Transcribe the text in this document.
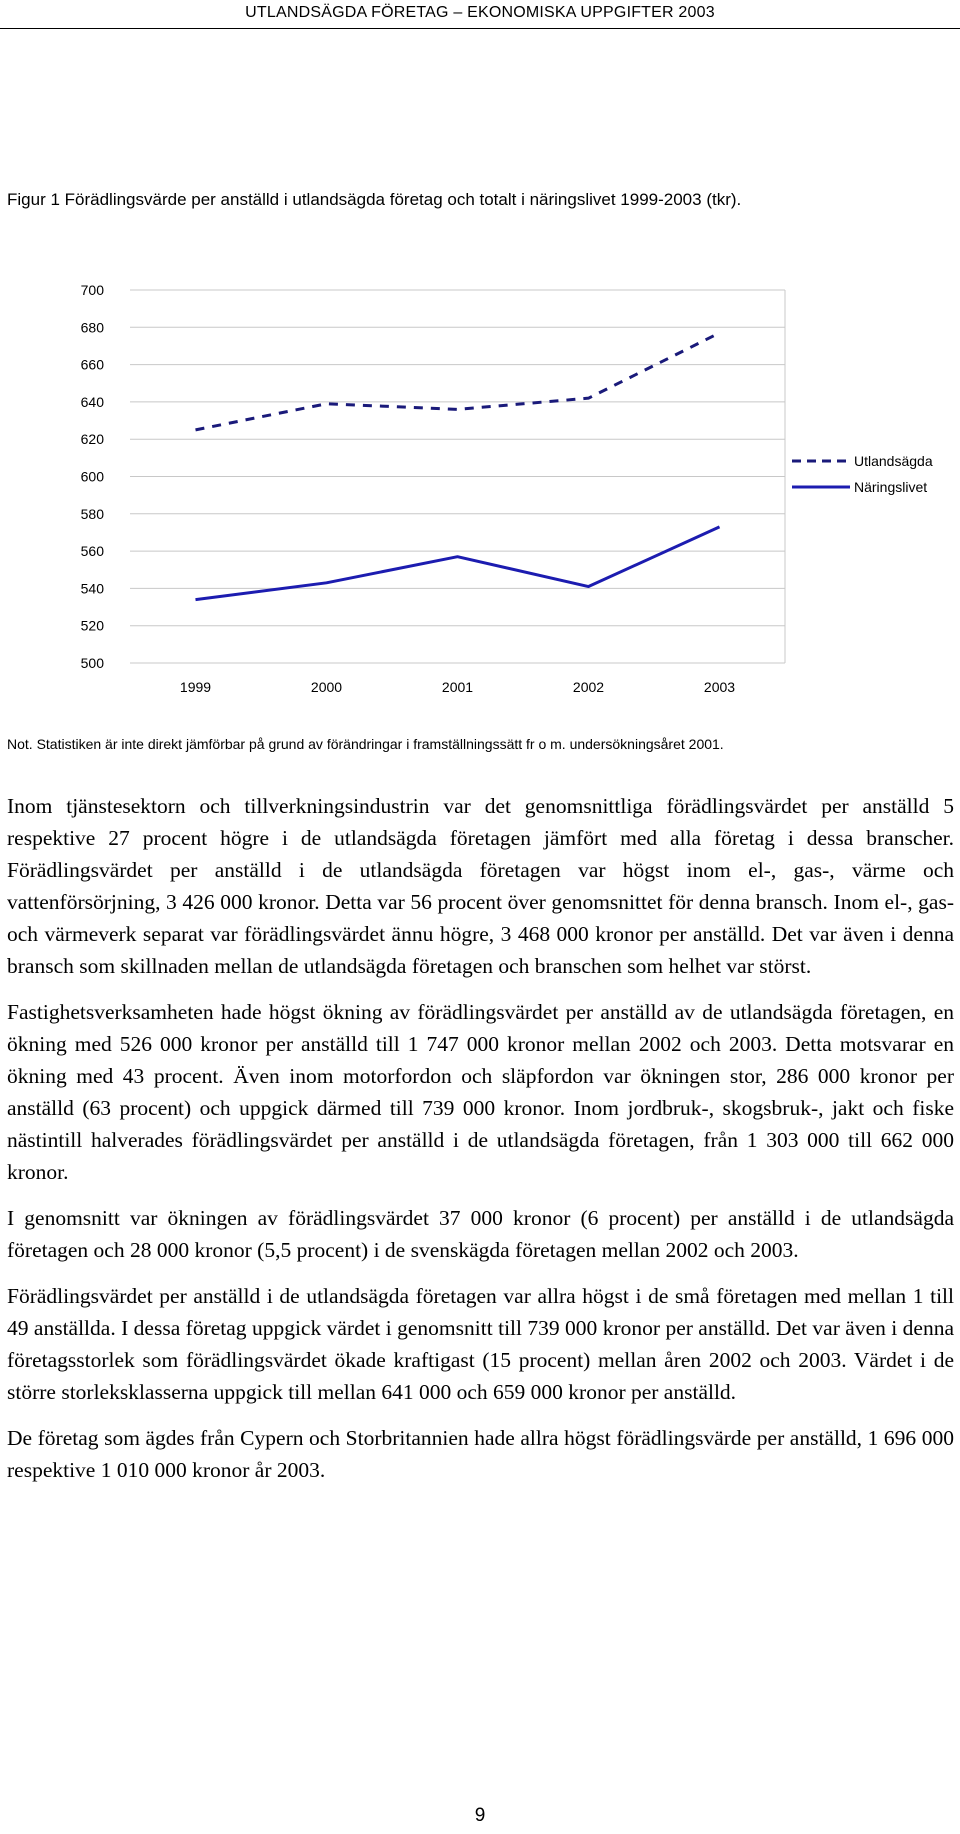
UTLANDSÄGDA FÖRETAG – EKONOMISKA UPPGIFTER 2003
Figur 1 Förädlingsvärde per anställd i utlandsägda företag och totalt i näringslivet 1999-2003 (tkr).
500
520
540
560
580
600
620
640
660
680
700
1999	2000	2001	2002	2003
Utlandsägda
Näringslivet
Not. Statistiken är inte direkt jämförbar på grund av förändringar i framställningssätt fr o m. undersökningsåret 2001.

Inom tjänstesektorn och tillverkningsindustrin var det genomsnittliga förädlingsvärdet per anställd 5 respektive 27 procent högre i de utlandsägda företagen jämfört med alla företag i dessa branscher. Förädlingsvärdet per anställd i de utlandsägda företagen var högst inom el-, gas-, värme och vattenförsörjning, 3 426 000 kronor. Detta var 56 procent över genomsnittet för denna bransch. Inom el-, gas- och värmeverk separat var förädlingsvärdet ännu högre, 3 468 000 kronor per anställd. Det var även i denna bransch som skillnaden mellan de utlandsägda företagen och branschen som helhet var störst.

Fastighetsverksamheten hade högst ökning av förädlingsvärdet per anställd av de utlandsägda företagen, en ökning med 526 000 kronor per anställd till 1 747 000 kronor mellan 2002 och 2003. Detta motsvarar en ökning med 43 procent. Även inom motorfordon och släpfordon var ökningen stor, 286 000 kronor per anställd (63 procent) och uppgick därmed till 739 000 kronor. Inom jordbruk-, skogsbruk-, jakt och fiske nästintill halverades förädlingsvärdet per anställd i de utlandsägda företagen, från 1 303 000 till 662 000 kronor.

I genomsnitt var ökningen av förädlingsvärdet 37 000 kronor (6 procent) per anställd i de utlandsägda företagen och 28 000 kronor (5,5 procent) i de svenskägda företagen mellan 2002 och 2003.

Förädlingsvärdet per anställd i de utlandsägda företagen var allra högst i de små företagen med mellan 1 till 49 anställda. I dessa företag uppgick värdet i genomsnitt till 739 000 kronor per anställd. Det var även i denna företagsstorlek som förädlingsvärdet ökade kraftigast (15 procent) mellan åren 2002 och 2003. Värdet i de större storleksklasserna uppgick till mellan 641 000 och 659 000 kronor per anställd.

De företag som ägdes från Cypern och Storbritannien hade allra högst förädlingsvärde per anställd, 1 696 000 respektive 1 010 000 kronor år 2003.

9
